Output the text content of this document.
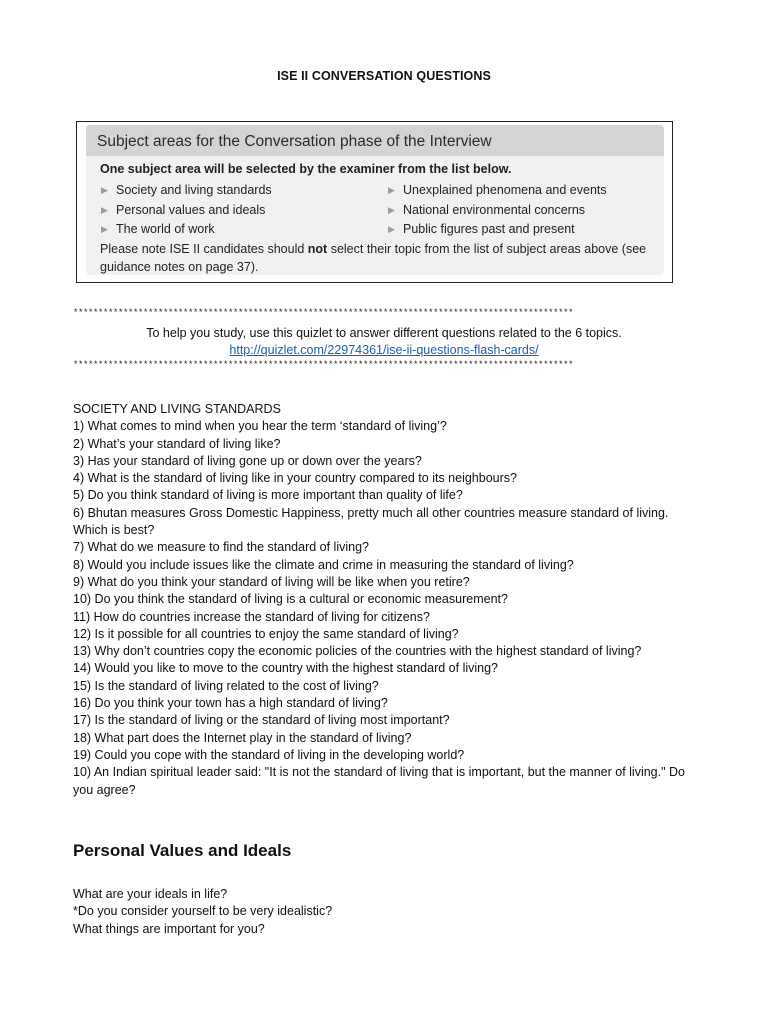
ISE II CONVERSATION QUESTIONS
Subject areas for the Conversation phase of the Interview
One subject area will be selected by the examiner from the list below.
▶ Society and living standards
▶ Personal values and ideals
▶ The world of work
▶ Unexplained phenomena and events
▶ National environmental concerns
▶ Public figures past and present
Please note ISE II candidates should not select their topic from the list of subject areas above (see guidance notes on page 37).
****************************************************************************************************
To help you study, use this quizlet to answer different questions related to the 6 topics.
http://quizlet.com/22974361/ise-ii-questions-flash-cards/
****************************************************************************************************

SOCIETY AND LIVING STANDARDS

1) What comes to mind when you hear the term ‘standard of living’?

2) What’s your standard of living like?

3) Has your standard of living gone up or down over the years?

4) What is the standard of living like in your country compared to its neighbours?

5) Do you think standard of living is more important than quality of life?

6) Bhutan measures Gross Domestic Happiness, pretty much all other countries measure standard of living. Which is best?

7) What do we measure to find the standard of living?

8) Would you include issues like the climate and crime in measuring the standard of living?

9) What do you think your standard of living will be like when you retire?

10) Do you think the standard of living is a cultural or economic measurement?

11) How do countries increase the standard of living for citizens?

12) Is it possible for all countries to enjoy the same standard of living?

13) Why don’t countries copy the economic policies of the countries with the highest standard of living?

14) Would you like to move to the country with the highest standard of living?

15) Is the standard of living related to the cost of living?

16) Do you think your town has a high standard of living?

17) Is the standard of living or the standard of living most important?

18) What part does the Internet play in the standard of living?

19) Could you cope with the standard of living in the developing world?

10) An Indian spiritual leader said: "It is not the standard of living that is important, but the manner of living." Do you agree?

Personal Values and Ideals

What are your ideals in life?

*Do you consider yourself to be very idealistic?

What things are important for you?
